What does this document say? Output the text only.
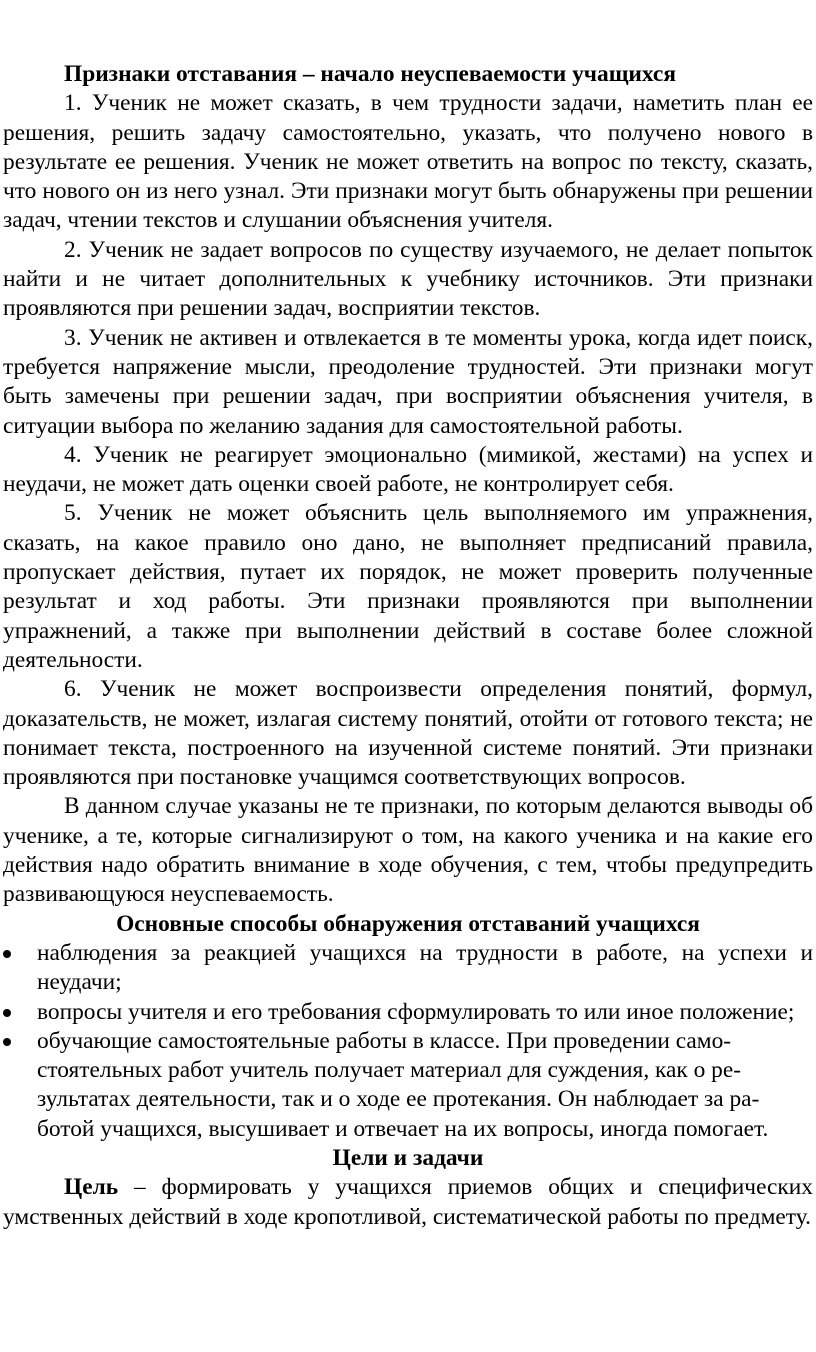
Признаки отставания – начало неуспеваемости учащихся

1. Ученик не может сказать, в чем трудности задачи, наметить план ее решения, решить задачу самостоятельно, указать, что получено нового в результате ее решения. Ученик не может ответить на вопрос по тексту, сказать, что нового он из него узнал. Эти признаки могут быть обнаружены при решении задач, чтении текстов и слушании объяснения учителя.

2. Ученик не задает вопросов по существу изучаемого, не делает попыток найти и не читает дополнительных к учебнику источников. Эти признаки проявляются при решении задач, восприятии текстов.

3. Ученик не активен и отвлекается в те моменты урока, когда идет поиск, требуется напряжение мысли, преодоление трудностей. Эти признаки могут быть замечены при решении задач, при восприятии объяснения учителя, в ситуации выбора по желанию задания для самостоятельной работы.

4. Ученик не реагирует эмоционально (мимикой, жестами) на успех и неудачи, не может дать оценки своей работе, не контролирует себя.

5. Ученик не может объяснить цель выполняемого им упражнения, сказать, на какое правило оно дано, не выполняет предписаний правила, пропускает действия, путает их порядок, не может проверить полученные результат и ход работы. Эти признаки проявляются при выполнении упражнений, а также при выполнении действий в составе более сложной деятельности.

6. Ученик не может воспроизвести определения понятий, формул, доказательств, не может, излагая систему понятий, отойти от готового текста; не понимает текста, построенного на изученной системе понятий. Эти признаки проявляются при постановке учащимся соответствующих вопросов.

В данном случае указаны не те признаки, по которым делаются выводы об ученике, а те, которые сигнализируют о том, на какого ученика и на какие его действия надо обратить внимание в ходе обучения, с тем, чтобы предупредить развивающуюся неуспеваемость.

Основные способы обнаружения отставаний учащихся

наблюдения за реакцией учащихся на трудности в работе, на успехи и неудачи;
вопросы учителя и его требования сформулировать то или иное положение;
обучающие самостоятельные работы в классе. При проведении само-стоятельных работ учитель получает материал для суждения, как о ре-зультатах деятельности, так и о ходе ее протекания. Он наблюдает за ра-ботой учащихся, высушивает и отвечает на их вопросы, иногда помогает.

Цели и задачи

Цель – формировать у учащихся приемов общих и специфических умственных действий в ходе кропотливой, систематической работы по предмету.
